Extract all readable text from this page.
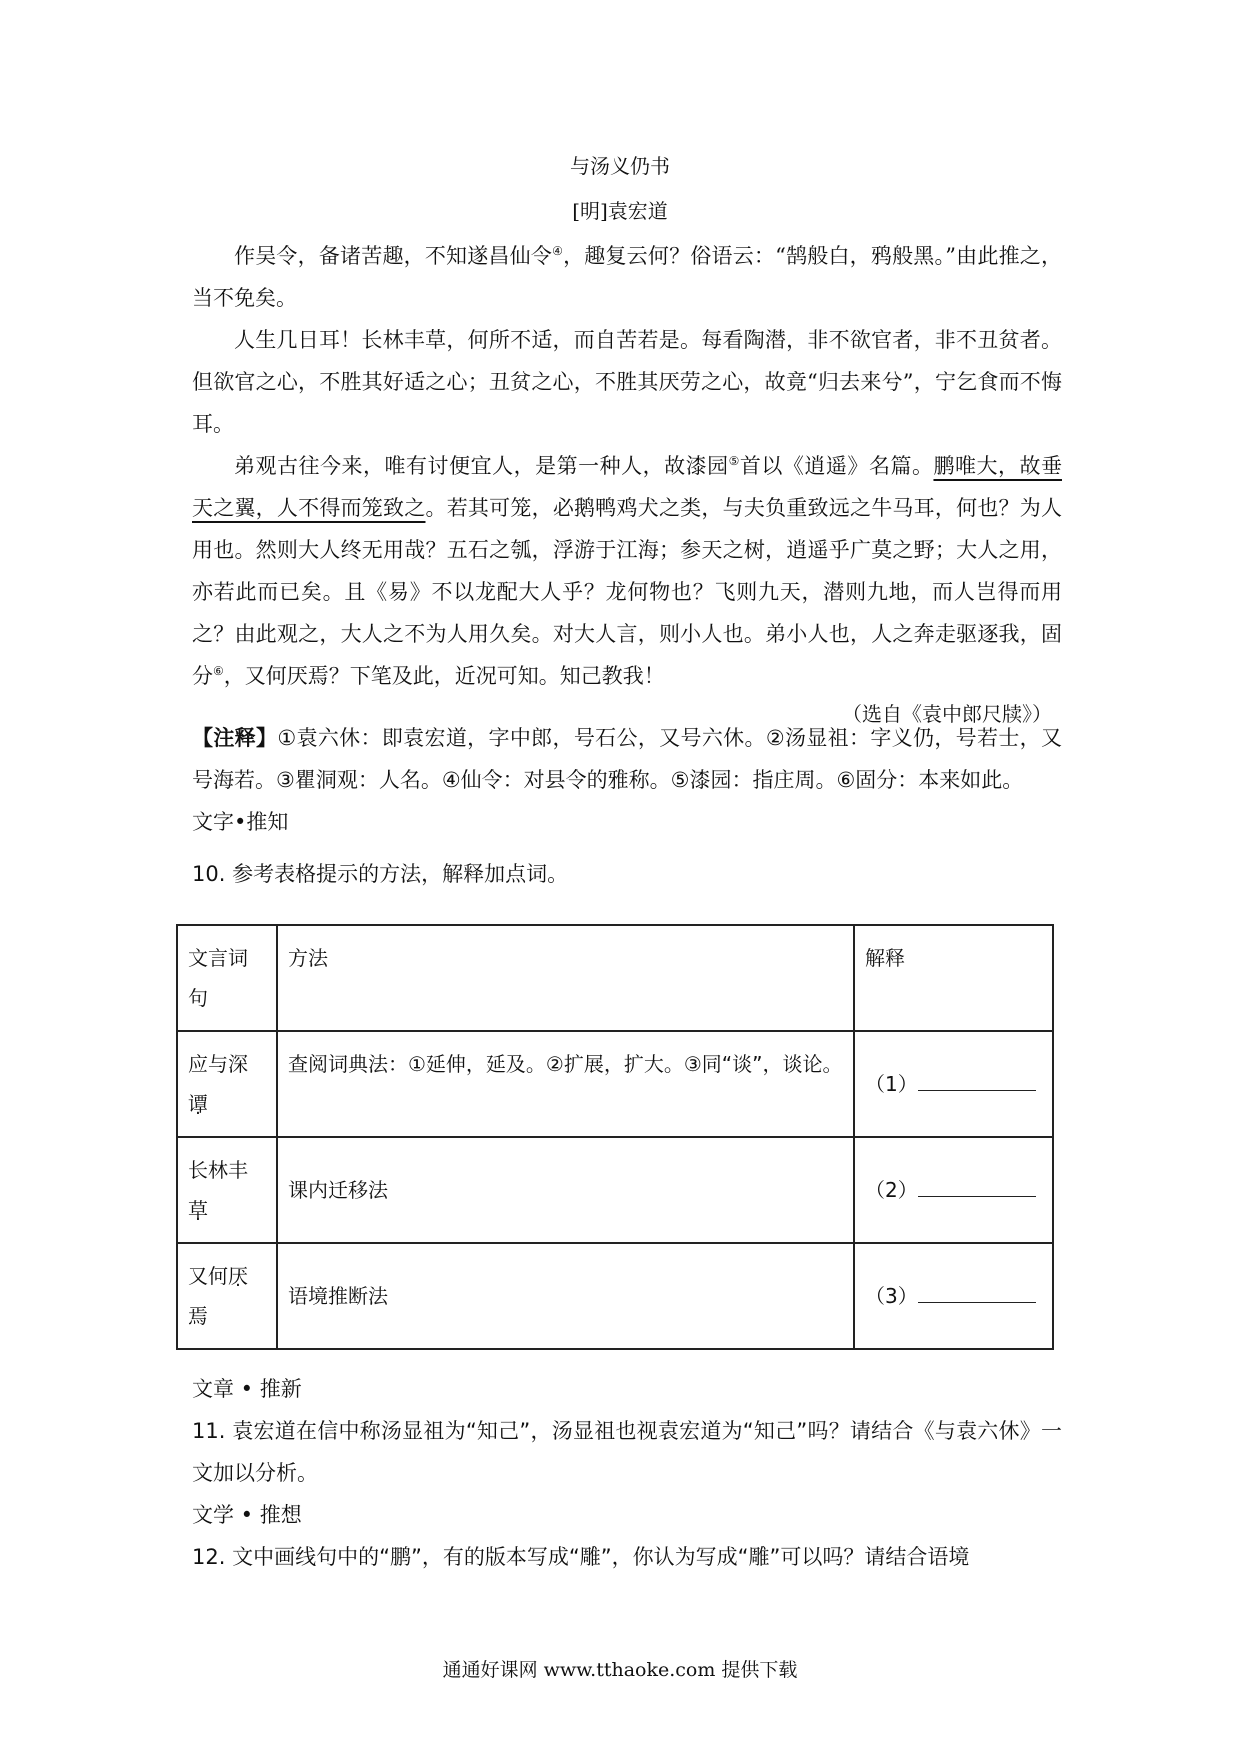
与汤义仍书
[明]袁宏道

作吴令，备诸苦趣，不知遂昌仙令④，趣复云何？俗语云：“鹄般白，鸦般黑。”由此推之，当不免矣。

人生几日耳！长林丰草，何所不适，而自苦若是。每看陶潜，非不欲官者，非不丑贫者。但欲官之心，不胜其好适之心；丑贫之心，不胜其厌劳之心，故竟“归去来兮”，宁乞食而不悔耳。

弟观古往今来，唯有讨便宜人，是第一种人，故漆园⑤首以《逍遥》名篇。鹏唯大，故垂天之翼，人不得而笼致之。若其可笼，必鹅鸭鸡犬之类，与夫负重致远之牛马耳，何也？为人用也。然则大人终无用哉？五石之瓠，浮游于江海；参天之树，逍遥乎广莫之野；大人之用，亦若此而已矣。且《易》不以龙配大人乎？龙何物也？飞则九天，潜则九地，而人岂得而用之？由此观之，大人之不为人用久矣。对大人言，则小人也。弟小人也，人之奔走驱逐我，固分⑥，又何厌焉？下笔及此，近况可知。知己教我！

（选自《袁中郎尺牍》）

【注释】①袁六休：即袁宏道，字中郎，号石公，又号六休。②汤显祖：字义仍，号若士，又号海若。③瞿洞观：人名。④仙令：对县令的雅称。⑤漆园：指庄周。⑥固分：本来如此。

文字•推知

10. 参考表格提示的方法，解释加点词。

文言词句	方法	解释
应与深谭	查阅词典法：①延伸，延及。②扩展，扩大。③同“谈”，谈论。	（1）
长林丰草	课内迁移法	（2）
又何厌焉	语境推断法	（3）

文章 • 推新

11. 袁宏道在信中称汤显祖为“知己”，汤显祖也视袁宏道为“知己”吗？请结合《与袁六休》一文加以分析。

文学 • 推想

12. 文中画线句中的“鹏”，有的版本写成“雕”，你认为写成“雕”可以吗？请结合语境

通通好课网 www.tthaoke.com 提供下载
